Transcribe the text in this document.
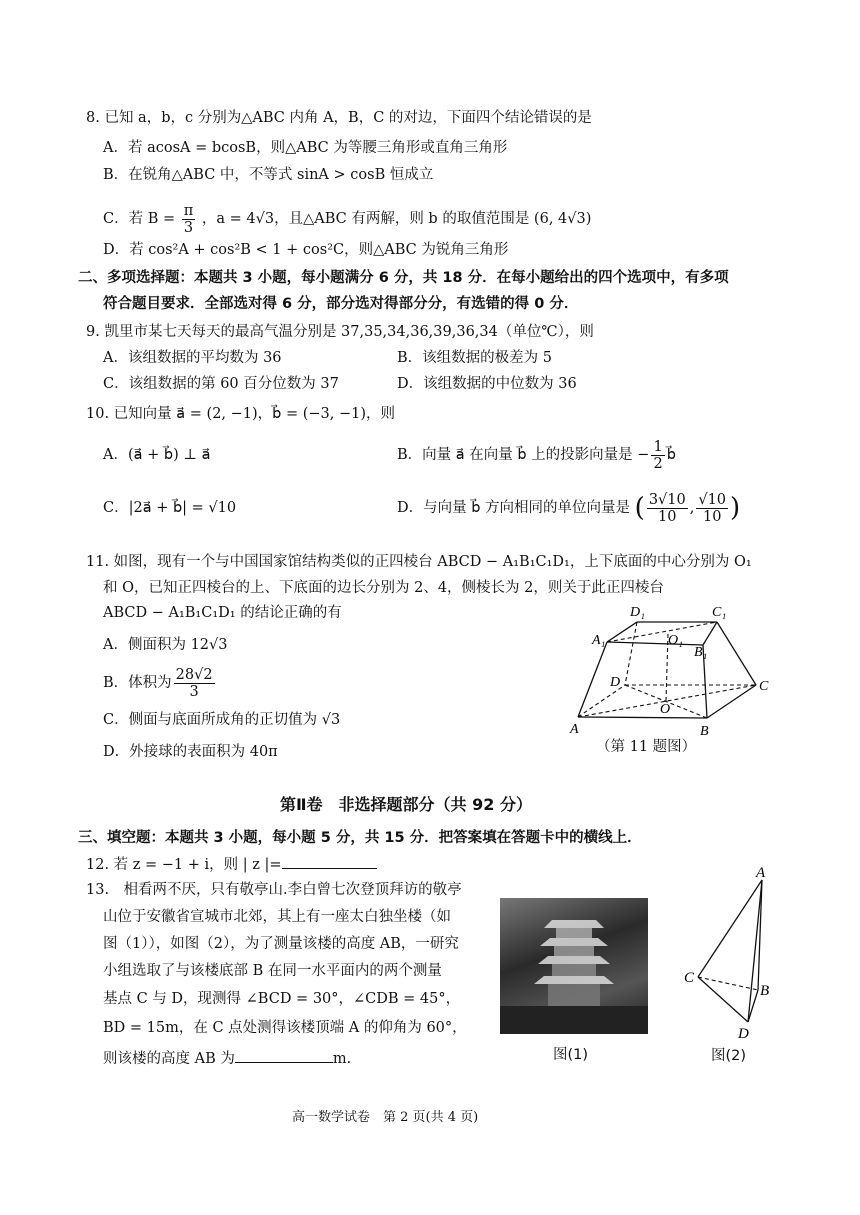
8. 已知 a，b，c 分别为△ABC 内角 A，B，C 的对边，下面四个结论错误的是
A．若 acosA = bcosB，则△ABC 为等腰三角形或直角三角形
B．在锐角△ABC 中，不等式 sinA > cosB 恒成立
C．若 $B = \frac{\pi}{3}$ ，a = 4√3，且△ABC 有两解，则 b 的取值范围是 (6, 4√3)
D．若 cos²A + cos²B < 1 + cos²C，则△ABC 为锐角三角形
二、多项选择题：本题共 3 小题，每小题满分 6 分，共 18 分．在每小题给出的四个选项中，有多项
符合题目要求．全部选对得 6 分，部分选对得部分分，有选错的得 0 分．
9. 凯里市某七天每天的最高气温分别是 37,35,34,36,39,36,34（单位℃），则
A．该组数据的平均数为 36	B．该组数据的极差为 5
C．该组数据的第 60 百分位数为 37	D．该组数据的中位数为 36
10. 已知向量 a⃗ = (2, −1)，b⃗ = (−3, −1)，则
A．(a⃗ + b⃗) ⊥ a⃗	B．向量 a⃗ 在向量 b⃗ 上的投影向量是 − $\frac{1}{2}$ b⃗
C．|2a⃗ + b⃗| = √10	D．与向量 b⃗ 方向相同的单位向量是 ( $\frac{3√10}{10}$ , $\frac{√10}{10}$ )
11. 如图，现有一个与中国国家馆结构类似的正四棱台 ABCD − A₁B₁C₁D₁，上下底面的中心分别为 O₁
和 O，已知正四棱台的上、下底面的边长分别为 2、4，侧棱长为 2，则关于此正四棱台
ABCD − A₁B₁C₁D₁ 的结论正确的有
A．侧面积为 12√3
B．体积为 $\frac{28√2}{3}$
C．侧面与底面所成角的正切值为 √3
D．外接球的表面积为 40π
D₁	C₁
A₁	O₁
B₁
D	C
O
A	B
（第 11 题图）
第Ⅱ卷　非选择题部分（共 92 分）
三、填空题：本题共 3 小题，每小题 5 分，共 15 分．把答案填在答题卡中的横线上．
12. 若 z = −1 + i，则 | z |=
13.　相看两不厌，只有敬亭山.李白曾七次登顶拜访的敬亭
山位于安徽省宣城市北郊，其上有一座太白独坐楼（如
图（1）），如图（2），为了测量该楼的高度 AB，一研究
小组选取了与该楼底部 B 在同一水平面内的两个测量
基点 C 与 D，现测得 ∠BCD = 30°，∠CDB = 45°，
BD = 15m，在 C 点处测得该楼顶端 A 的仰角为 60°，
则该楼的高度 AB 为	m.	图(1)
A
B
C
D
图(2)
高一数学试卷　第 2 页(共 4 页)
